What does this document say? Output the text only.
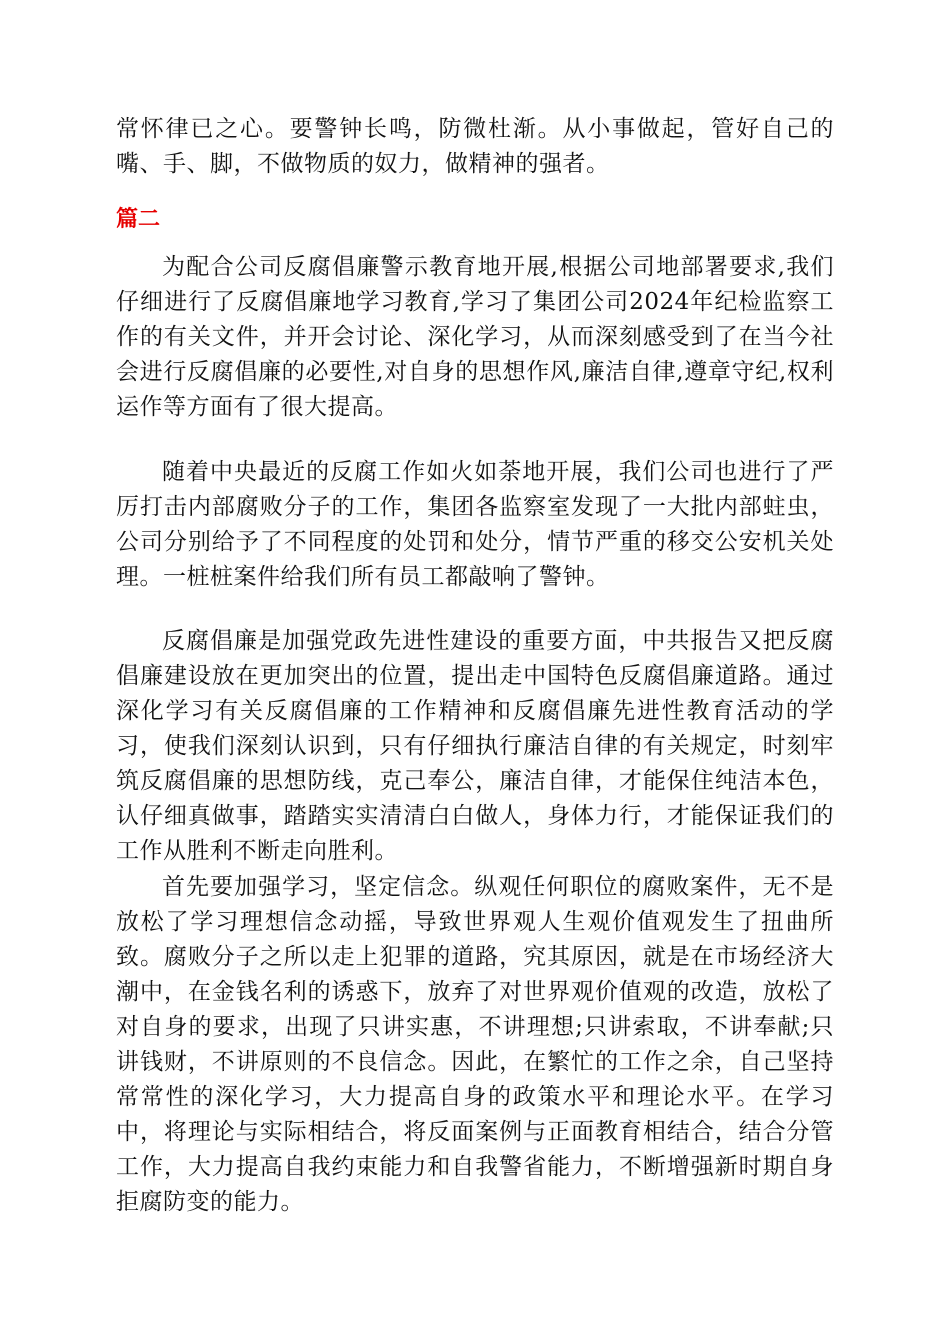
常怀律已之心。要警钟长鸣，防微杜渐。从小事做起，管好自己的嘴、手、脚，不做物质的奴力，做精神的强者。

篇二

为配合公司反腐倡廉警示教育地开展,根据公司地部署要求,我们仔细进行了反腐倡廉地学习教育,学习了集团公司2024年纪检监察工作的有关文件，并开会讨论、深化学习，从而深刻感受到了在当今社会进行反腐倡廉的必要性,对自身的思想作风,廉洁自律,遵章守纪,权利运作等方面有了很大提高。

随着中央最近的反腐工作如火如荼地开展，我们公司也进行了严厉打击内部腐败分子的工作，集团各监察室发现了一大批内部蛀虫，公司分别给予了不同程度的处罚和处分，情节严重的移交公安机关处理。一桩桩案件给我们所有员工都敲响了警钟。

反腐倡廉是加强党政先进性建设的重要方面，中共报告又把反腐倡廉建设放在更加突出的位置，提出走中国特色反腐倡廉道路。通过深化学习有关反腐倡廉的工作精神和反腐倡廉先进性教育活动的学习，使我们深刻认识到，只有仔细执行廉洁自律的有关规定，时刻牢筑反腐倡廉的思想防线，克己奉公，廉洁自律，才能保住纯洁本色，认仔细真做事，踏踏实实清清白白做人，身体力行，才能保证我们的工作从胜利不断走向胜利。

首先要加强学习，坚定信念。纵观任何职位的腐败案件，无不是放松了学习理想信念动摇，导致世界观人生观价值观发生了扭曲所致。腐败分子之所以走上犯罪的道路，究其原因，就是在市场经济大潮中，在金钱名利的诱惑下，放弃了对世界观价值观的改造，放松了对自身的要求，出现了只讲实惠，不讲理想;只讲索取，不讲奉献;只讲钱财，不讲原则的不良信念。因此，在繁忙的工作之余，自己坚持常常性的深化学习，大力提高自身的政策水平和理论水平。在学习中，将理论与实际相结合，将反面案例与正面教育相结合，结合分管工作，大力提高自我约束能力和自我警省能力，不断增强新时期自身拒腐防变的能力。
